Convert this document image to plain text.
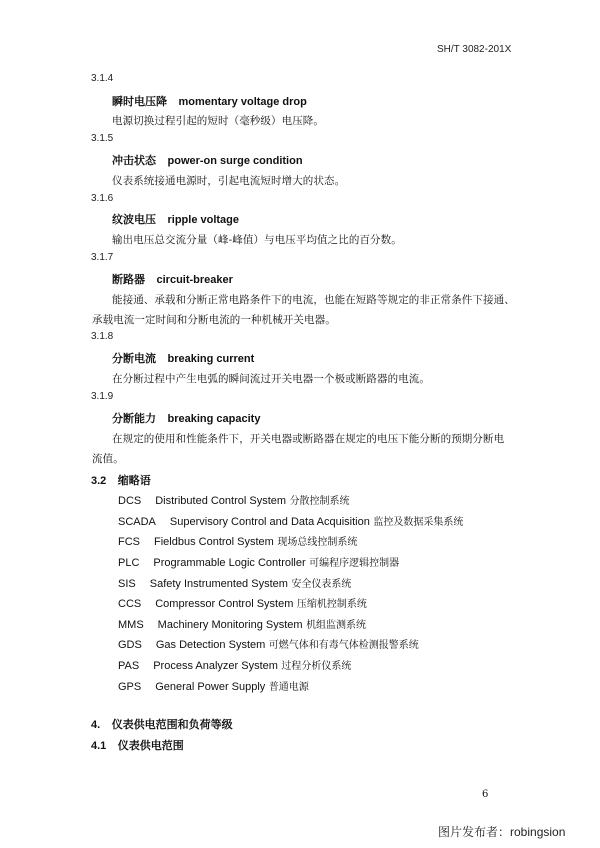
SH/T 3082-201X
3.1.4
瞬时电压降 momentary voltage drop
电源切换过程引起的短时（毫秒级）电压降。
3.1.5
冲击状态 power-on surge condition
仪表系统接通电源时，引起电流短时增大的状态。
3.1.6
纹波电压 ripple voltage
输出电压总交流分量（峰-峰值）与电压平均值之比的百分数。
3.1.7
断路器 circuit-breaker
能接通、承载和分断正常电路条件下的电流，也能在短路等规定的非正常条件下接通、
承载电流一定时间和分断电流的一种机械开关电器。
3.1.8
分断电流 breaking current
在分断过程中产生电弧的瞬间流过开关电器一个极或断路器的电流。
3.1.9
分断能力 breaking capacity
在规定的使用和性能条件下，开关电器或断路器在规定的电压下能分断的预期分断电
流值。
3.2 缩略语
DCS Distributed Control System 分散控制系统
SCADA Supervisory Control and Data Acquisition 监控及数据采集系统
FCS Fieldbus Control System 现场总线控制系统
PLC Programmable Logic Controller 可编程序逻辑控制器
SIS Safety Instrumented System 安全仪表系统
CCS Compressor Control System 压缩机控制系统
MMS Machinery Monitoring System 机组监测系统
GDS Gas Detection System 可燃气体和有毒气体检测报警系统
PAS Process Analyzer System 过程分析仪系统
GPS General Power Supply 普通电源
4. 仪表供电范围和负荷等级
4.1 仪表供电范围
6
图片发布者：robingsion
